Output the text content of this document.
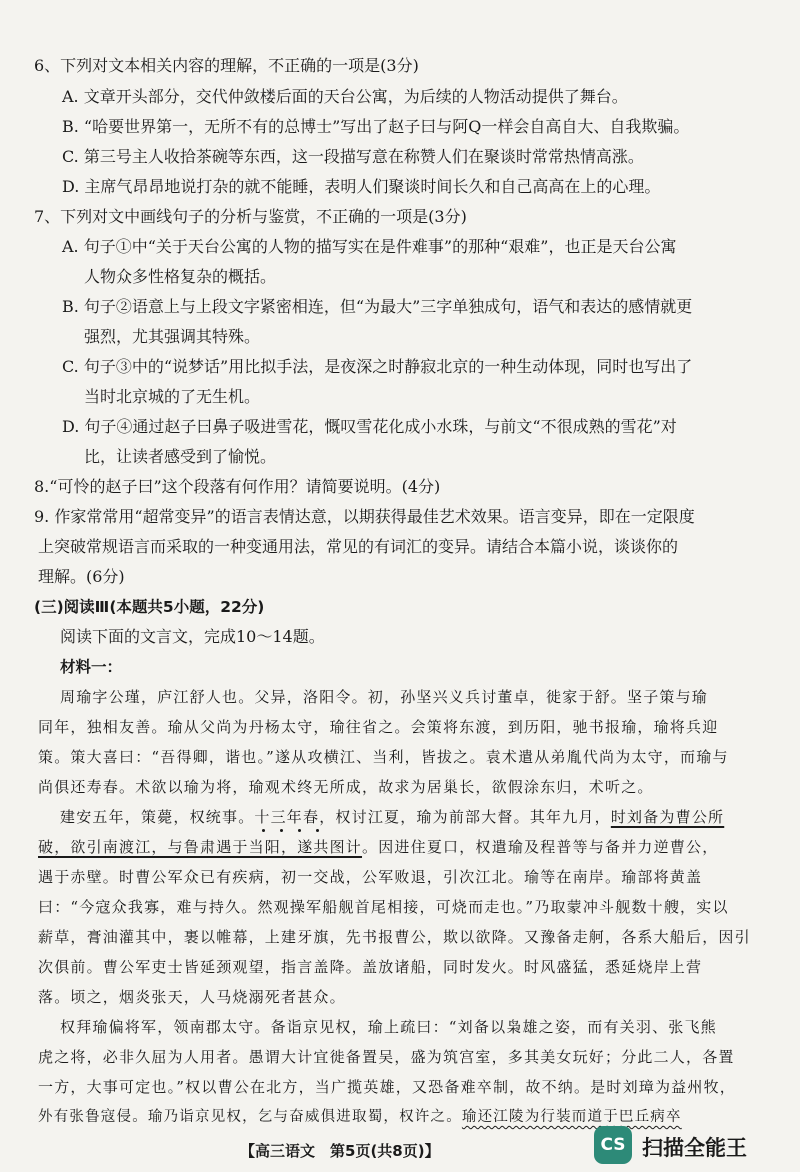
6、下列对文本相关内容的理解，不正确的一项是(3分)
A. 文章开头部分，交代仲敛楼后面的天台公寓，为后续的人物活动提供了舞台。
B. “哈要世界第一，无所不有的总博士”写出了赵子曰与阿Q一样会自高自大、自我欺骗。
C. 第三号主人收拾茶碗等东西，这一段描写意在称赞人们在聚谈时常常热情高涨。
D. 主席气昂昂地说打杂的就不能睡，表明人们聚谈时间长久和自己高高在上的心理。
7、下列对文中画线句子的分析与鉴赏，不正确的一项是(3分)
A. 句子①中“关于天台公寓的人物的描写实在是件难事”的那种“艰难”，也正是天台公寓
人物众多性格复杂的概括。
B. 句子②语意上与上段文字紧密相连，但“为最大”三字单独成句，语气和表达的感情就更
强烈，尤其强调其特殊。
C. 句子③中的“说梦话”用比拟手法，是夜深之时静寂北京的一种生动体现，同时也写出了
当时北京城的了无生机。
D. 句子④通过赵子曰鼻子吸进雪花，慨叹雪花化成小水珠，与前文“不很成熟的雪花”对
比，让读者感受到了愉悦。
8.“可怜的赵子曰”这个段落有何作用？请简要说明。(4分)
9. 作家常常用“超常变异”的语言表情达意，以期获得最佳艺术效果。语言变异，即在一定限度
上突破常规语言而采取的一种变通用法，常见的有词汇的变异。请结合本篇小说，谈谈你的
理解。(6分)
(三)阅读Ⅲ(本题共5小题，22分)
阅读下面的文言文，完成10～14题。
材料一：
周瑜字公瑾，庐江舒人也。父异，洛阳令。初，孙坚兴义兵讨董卓，徙家于舒。坚子策与瑜
同年，独相友善。瑜从父尚为丹杨太守，瑜往省之。会策将东渡，到历阳，驰书报瑜，瑜将兵迎
策。策大喜曰：“吾得卿，谐也。”遂从攻横江、当利，皆拔之。袁术遣从弟胤代尚为太守，而瑜与
尚俱还寿春。术欲以瑜为将，瑜观术终无所成，故求为居巢长，欲假涂东归，术听之。
建安五年，策薨，权统事。十三年春，权讨江夏，瑜为前部大督。其年九月，时刘备为曹公所
破，欲引南渡江，与鲁肃遇于当阳，遂共图计。因进住夏口，权遣瑜及程普等与备并力逆曹公，
遇于赤壁。时曹公军众已有疾病，初一交战，公军败退，引次江北。瑜等在南岸。瑜部将黄盖
曰：“今寇众我寡，难与持久。然观操军船舰首尾相接，可烧而走也。”乃取蒙冲斗舰数十艘，实以
薪草，膏油灌其中，裹以帷幕，上建牙旗，先书报曹公，欺以欲降。又豫备走舸，各系大船后，因引
次俱前。曹公军吏士皆延颈观望，指言盖降。盖放诸船，同时发火。时风盛猛，悉延烧岸上营
落。顷之，烟炎张天，人马烧溺死者甚众。
权拜瑜偏将军，领南郡太守。备诣京见权，瑜上疏曰：“刘备以枭雄之姿，而有关羽、张飞熊
虎之将，必非久屈为人用者。愚谓大计宜徙备置吴，盛为筑宫室，多其美女玩好；分此二人，各置
一方，大事可定也。”权以曹公在北方，当广揽英雄，又恐备难卒制，故不纳。是时刘璋为益州牧，
外有张鲁寇侵。瑜乃诣京见权，乞与奋威俱进取蜀，权许之。瑜还江陵为行装而道于巴丘病卒
【高三语文　第5页(共8页)】	CS 扫描全能王
